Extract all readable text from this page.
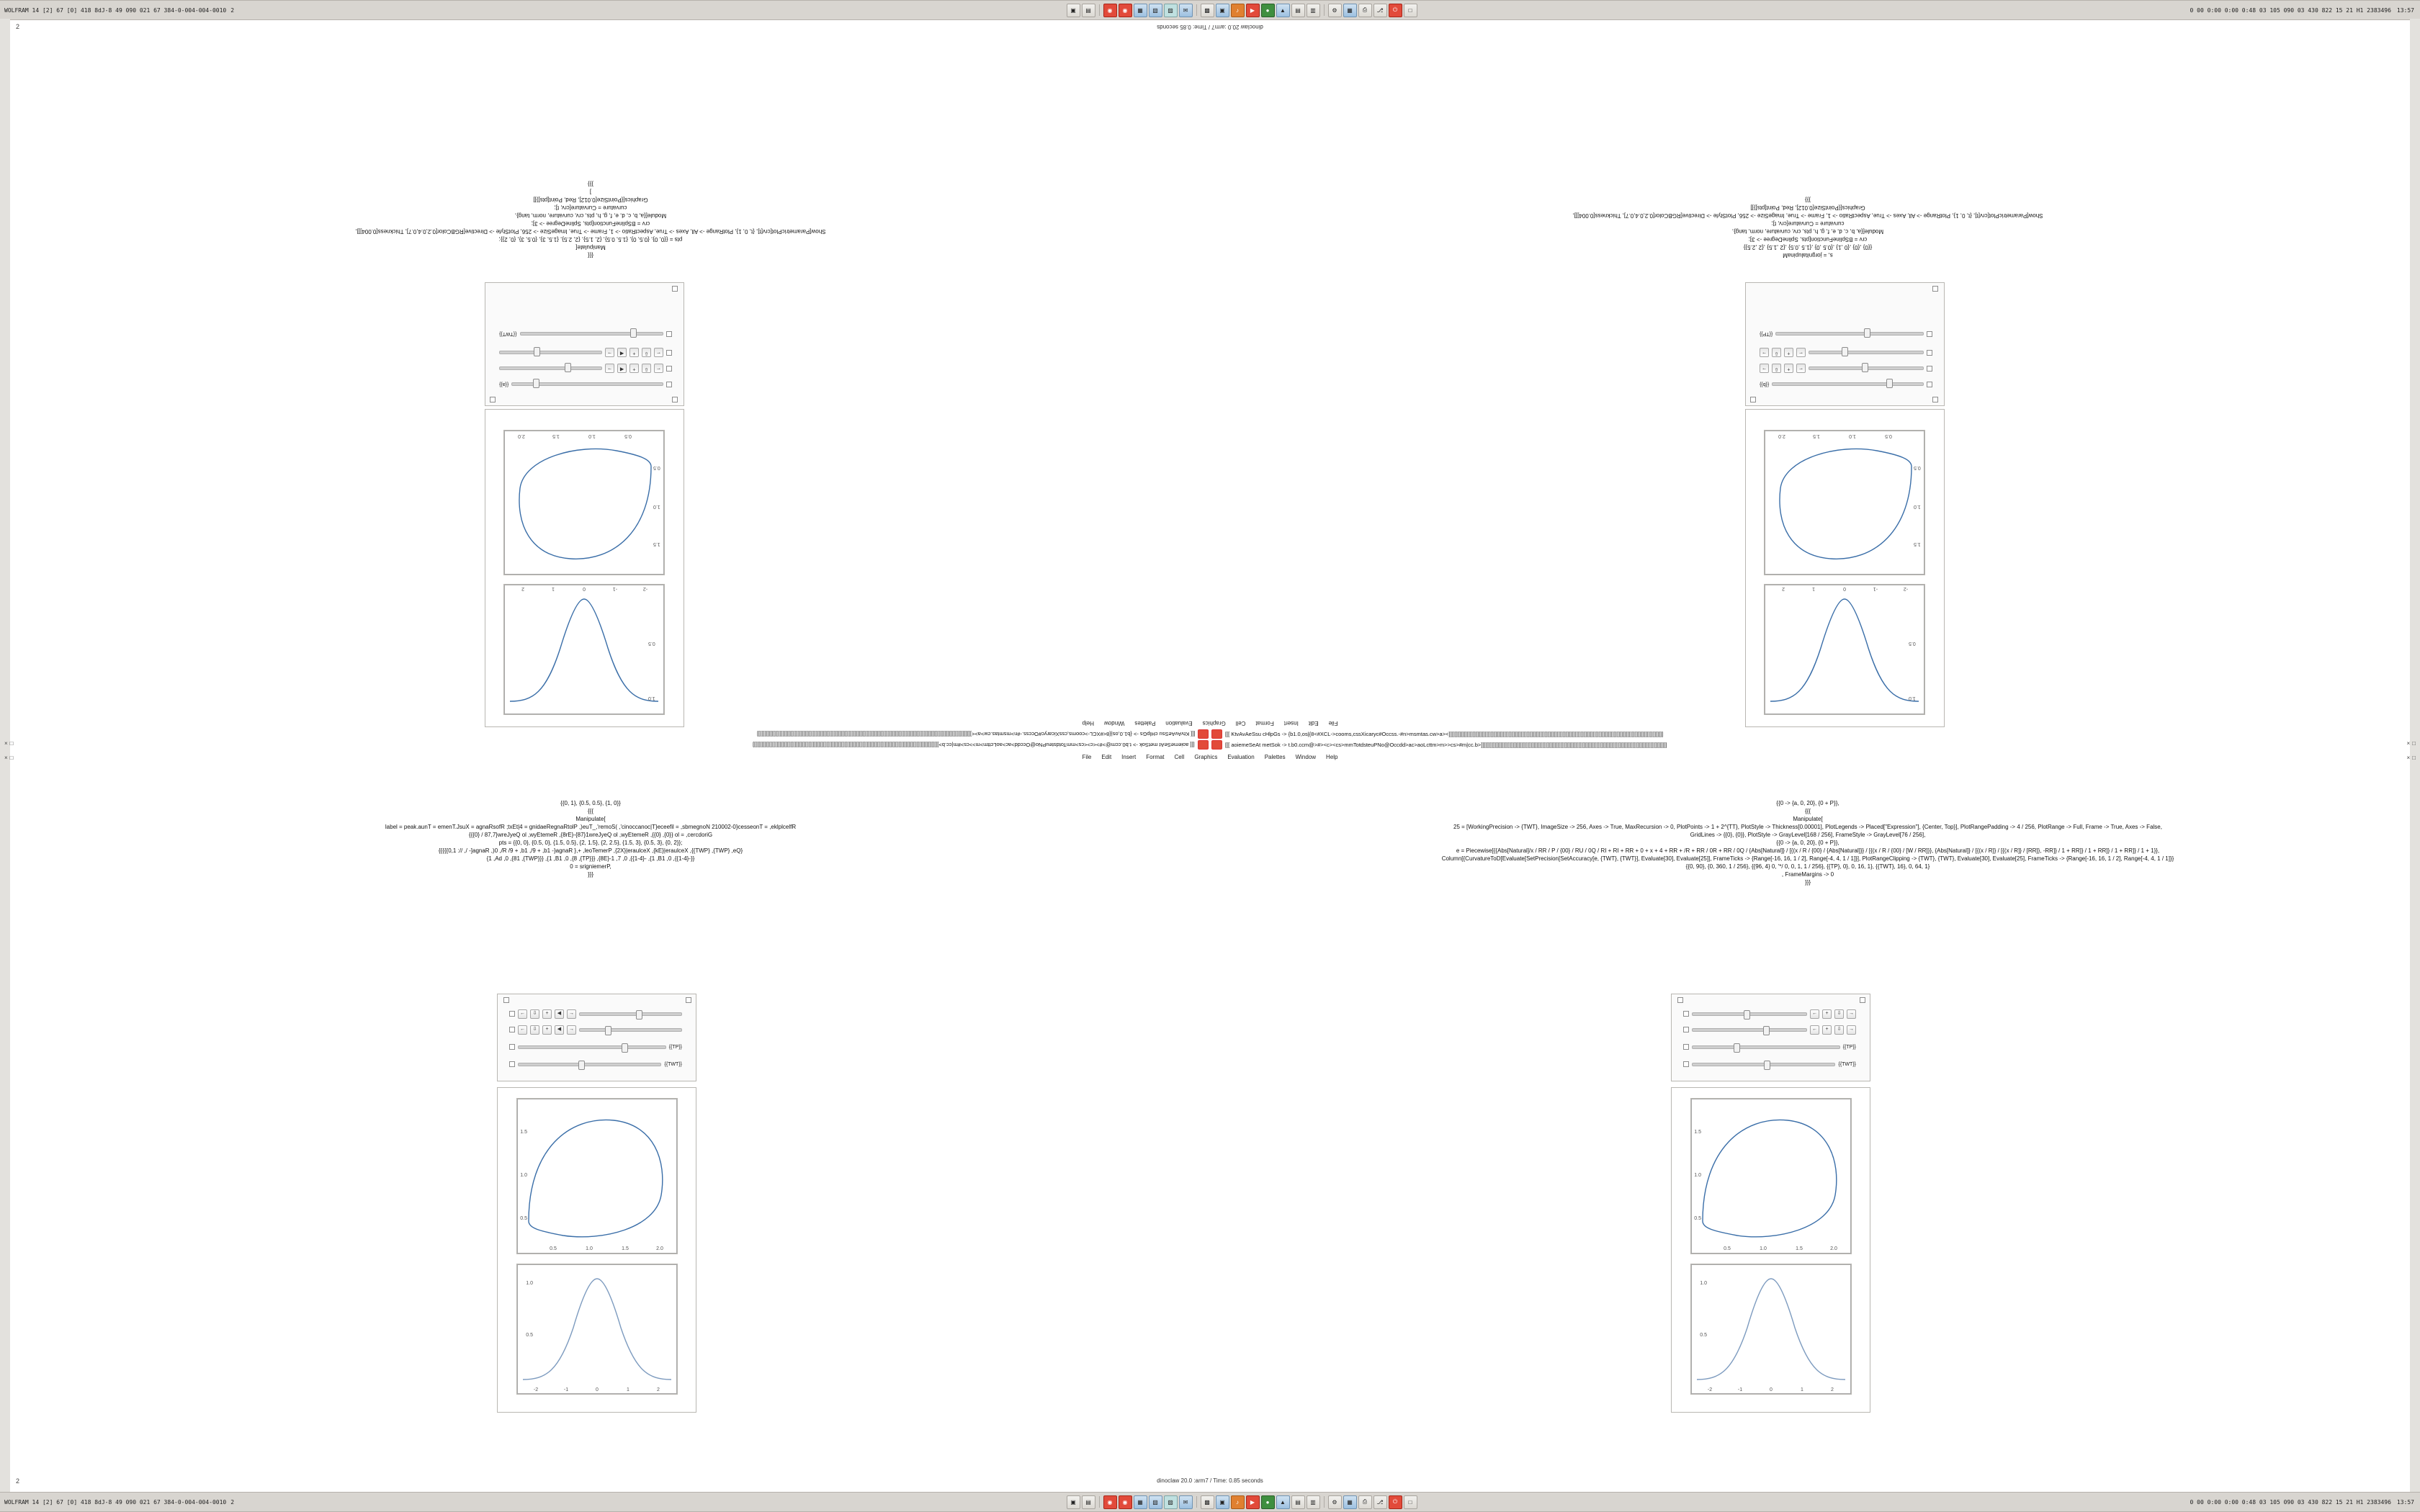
WOLFRAM 14 [2] 67 [0] 418 8dJ-8 49 090 021 67 384-0-004-004-0010 2	▣	▤	◉	◉	▦	▧	▨	✉	▩	▣	♪	▶	●	▲	▤	▥	⚙	▦	⎙	⎇	⏻	□	0 00 0:00 0:00 0:48 03 105 090 03 430 822 15 21 H1 2383496 13:57
dinoclaw 20.0 :arm7 / Time: 0.85 seconds
2
2
-2
-1
0
1
2
0.5
1.0
0.5
1.0
1.5
2.0
0.5
1.0
1.5
{{a}}
←
⇩
+
◀
→
←
⇩
+
◀
→
{{TWT}}
{{{
Manipulate[
pts = {{0, 0}, {0.5, 0}, {1.5, 0.5}, {2, 1.5}, {2, 2.5}, {1.5, 3}, {0.5, 3}, {0, 2}};
Show[ParametricPlot[crv[t], {t, 0, 1}, PlotRange -> All, Axes -> True, AspectRatio -> 1, Frame -> True, ImageSize -> 256, PlotStyle -> Directive[RGBColor[0.2,0.4,0.7], Thickness[0.004]]],
crv = BSplineFunction[pts, SplineDegree -> 3];
Module[{a, b, c, d, e, f, g, h, pts, crv, curvature, norm, tang},
curvature = Curvature[crv, t];
Graphics[{PointSize[0.012], Red, Point[pts]}]]
]
}}}
-2
-1
0
1
2
0.5
1.0
0.5
1.0
1.5
2.0
0.5
1.0
1.5
{{b}}
←
+
⇩
→
←
+
⇩
→
{{TP}}
s, = jorgnitalupinaM
{{0} ,{0} ,{0 ,1} ,{0.5 ,0} ,{1.5 ,0.5} ,{2 ,1.5} ,{2 ,2.5}}
crv = BSplineFunction[pts, SplineDegree -> 3];
Module[{a, b, c, d, e, f, g, h, pts, crv, curvature, norm, tang},
curvature = Curvature[crv, t];
Show[ParametricPlot[crv[t], {t, 0, 1}, PlotRange -> All, Axes -> True, AspectRatio -> 1, Frame -> True, ImageSize -> 256, PlotStyle -> Directive[RGBColor[0.2,0.4,0.7], Thickness[0.004]]],
Graphics[{PointSize[0.012], Red, Point[pts]}]]
}}}
File
Edit
Insert
Format
Cell
Graphics
Evaluation
Palettes
Window
Help
[[[ KtvAvAeSsu cHlpGs -> {b1.0,os|{8<#XCL->cooms,cssXicaryc#Occss.-#n>msmtas.cw>a><]]]]]]]]]]]]]]]]]]]]]]]]]]]]]]]]]]]]]]]]]]]]]]]]]]]]]]]]]]]]]]]]]]]]]]]]]]]]]]]]]]]]]]]]]]]]]]]]]]]]]]]]]]]]]]]]]]]]]]]]]]]]]]]]]]]]]]]]]]]]]]]	[[[ KtvAvAeSsu cHlpGs -> {b1.0,os|{8<#XCL->cooms,cssXicaryc#Occss.-#n>msmtas.cw>a><]]]]]]]]]]]]]]]]]]]]]]]]]]]]]]]]]]]]]]]]]]]]]]]]]]]]]]]]]]]]]]]]]]]]]]]]]]]]]]]]]]]]]]]]]]]]]]]]]]]]]]]]]]]]]]]]]]]]]]]]]]]]]]]]]]]]]]]]]]]]]]]
[[[ aoiemeSeAt metSok -> t.b0.ccm@>#><c><cs>mmTotdsteuPNo@Occdd>ac>aoLcttm>m>>cs>#m|cc.b>]]]]]]]]]]]]]]]]]]]]]]]]]]]]]]]]]]]]]]]]]]]]]]]]]]]]]]]]]]]]]]]]]]]]]]]]]]]]]]]]]]]]]]]]]]]]]]]]]]]]]]]]]]]]]]]]]]]]]]]]]]]]	[[[ aoiemeSeAt metSok -> t.b0.ccm@>#><c><cs>mmTotdsteuPNo@Occdd>ac>aoLcttm>m>>cs>#m|cc.b>]]]]]]]]]]]]]]]]]]]]]]]]]]]]]]]]]]]]]]]]]]]]]]]]]]]]]]]]]]]]]]]]]]]]]]]]]]]]]]]]]]]]]]]]]]]]]]]]]]]]]]]]]]]]]]]]]]]]]]]]]]]]
File Edit Insert Format Cell Graphics Evaluation Palettes Window Help
× □
× □
× □
× □
{{0, 1}, {0.5, 0.5}, {1, 0}}
{{{
Manipulate[
label = peak.aunT = emenT.JsuX = agnaRsofR ;txEt|4 = gnidaeRegnaRtolP ,)euT_,'remoS( ,'cinoccanoc|T}eceefil = ,sbmegnoN 210002-0}cesseonT = ,eklplcelfR
{{{0} / 87,7}wreJyeQ ol ,wyEtemeR ,{8rE}-{87}1wreJyeQ ol ,wyEtemeR ,{{0} ,{0}} ol = ,cercdoriG
pts = {{0, 0}, {0.5, 0}, {1.5, 0.5}, {2, 1.5}, {2, 2.5}, {1.5, 3}, {0.5, 3}, {0, 2}};
{{{{{0,1 :// ,/ -]agnaR ,)0 ,/R /9 + ,b1 ,/9 + ,b1 -}agnaR },+ ,leoTemerP ,{2X}|eraulceX ,{kE}|eraulceX ,{{TWP} ,{TWP} ,eQ}
{1 ,Ad ,0 ,{81 ,{TWP}}} ,{1 ,B1 ,0 ,{8 ,{TP}}} ,{8E}-1 ,7 ,0 ,{{1-4}- ,{1 ,B1 ,0 ,{{1-4}-}}
0 = srigniemerP,
}}}
←	⇩	+	◀	→
←	⇩	+	◀	→
{{TP}}
{{TWT}}
0.5	1.0	1.5	2.0
0.5
1.0
1.5
-2	-1	0	1	2
0.5
1.0
{{0 -> {a, 0, 20}, {0 + P}},
{{{
Manipulate[
25 = [WorkingPrecision -> {TWT}, ImageSize -> 256, Axes -> True, MaxRecursion -> 0, PlotPoints -> 1 + 2^{TT}, PlotStyle -> Thickness[0.00001], PlotLegends -> Placed["Expression"], {Center, Top}], PlotRangePadding -> 4 / 256, PlotRange -> Full, Frame -> True, Axes -> False,
GridLines -> {{0}, {0}}, PlotStyle -> GrayLevel[168 / 256], FrameStyle -> GrayLevel[76 / 256],
{{0 -> {a, 0, 20}, {0 + P}},
e = Piecewise[{{Abs[Natural]/x / RR / P / {00} / RU / 0Q / RI + RI + RR + 0 + x + 4 + RR + /R + RR / 0R + RR / 0Q / {Abs[Natural]} / [{(x / R / {00} / {Abs[Natural]}} / [{(x / R / {00} / [W / RR]}}, {Abs[Natural]} / [{(x / R]} / [{(x / R]} / [RR]}, -RR]} / 1 + RR]} / 1 + RR]} / 1 + RR]} / 1 + 1}},
Column[{CurvatureToD[Evaluate[SetPrecision[SetAccuracy[e, {TWT}, {TWT}], Evaluate[30], Evaluate[25]], FrameTicks -> {Range[-16, 16, 1 / 2], Range[-4, 4, 1 / 1]}], PlotRangeClipping -> {TWT}, {TWT}, Evaluate[30], Evaluate[25], FrameTicks -> {Range[-16, 16, 1 / 2], Range[-4, 4, 1 / 1]}}
{{0, 90}, {0, 360, 1 / 256}, {{96, 4} 0, '*/ 0, 0, 1, 1 / 256}, {{TP}, 0}, 0, 16, 1}, {{TWT}, 16}, 0, 64, 1}
, FrameMargins -> 0
}}}
←	+	⇩	→
←	+	⇩	→
{{TP}}
{{TWT}}
0.5	1.0	1.5	2.0
0.5
1.0
1.5
-2	-1	0	1	2
0.5
1.0
dinoclaw 20.0 :arm7 / Time: 0.85 seconds
WOLFRAM 14 [2] 67 [0] 418 8dJ-8 49 090 021 67 384-0-004-004-0010 2	▣	▤	◉	◉	▦	▧	▨	✉	▩	▣	♪	▶	●	▲	▤	▥	⚙	▦	⎙	⎇	⏻	□	0 00 0:00 0:00 0:48 03 105 090 03 430 822 15 21 H1 2383496 13:57
